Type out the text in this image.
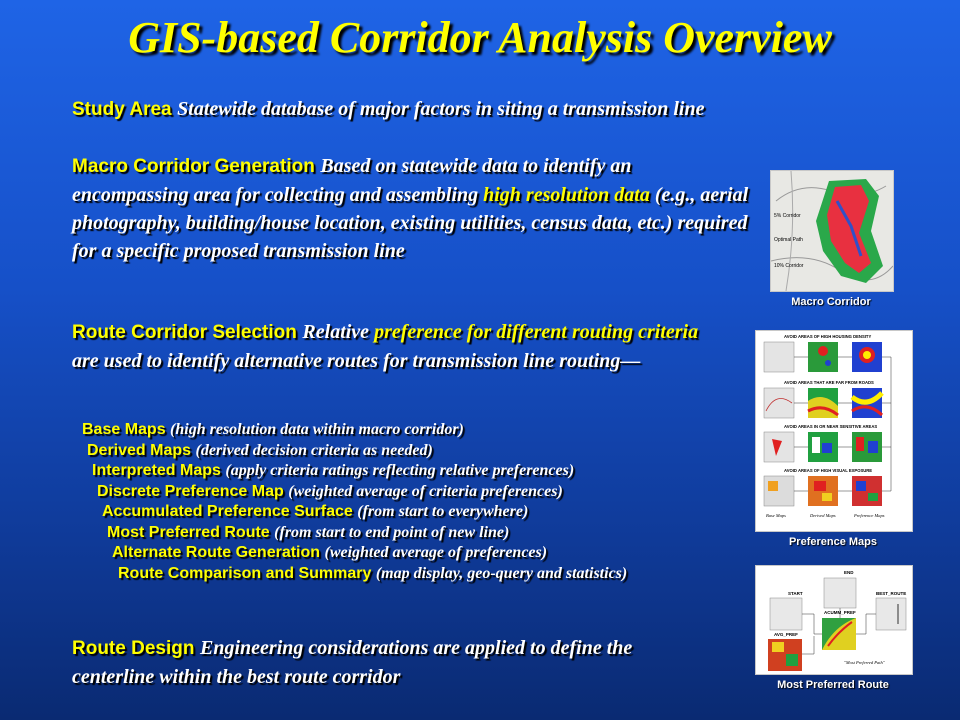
GIS-based Corridor Analysis Overview
Study Area Statewide database of major factors in siting a transmission line
Macro Corridor Generation Based on statewide data to identify an encompassing area for collecting and assembling high resolution data (e.g., aerial photography, building/house location, existing utilities, census data, etc.) required for a specific proposed transmission line
Route Corridor Selection Relative preference for different routing criteria are used to identify alternative routes for transmission line routing—
Base Maps (high resolution data within macro corridor)
Derived Maps (derived decision criteria as needed)
Interpreted Maps (apply criteria ratings reflecting relative preferences)
Discrete Preference Map (weighted average of criteria preferences)
Accumulated Preference Surface (from start to everywhere)
Most Preferred Route (from start to end point of new line)
Alternate Route Generation (weighted average of preferences)
Route Comparison and Summary (map display, geo-query and statistics)
Route Design Engineering considerations are applied to define the centerline within the best route corridor
5% Corridor
Optimal Path
10% Corridor
Macro Corridor
AVOID AREAS OF HIGH HOUSING DENSITY
AVOID AREAS THAT ARE FAR FROM ROADS
AVOID AREAS IN OR NEAR SENSITIVE AREAS
AVOID AREAS OF HIGH VISUAL EXPOSURE
Base Maps	Derived Maps	Preference Maps
Preference Maps
START
END
BEST_ROUTE
ACUMM_PREF
AVG_PREF
"Most Preferred Path"
Most Preferred Route
